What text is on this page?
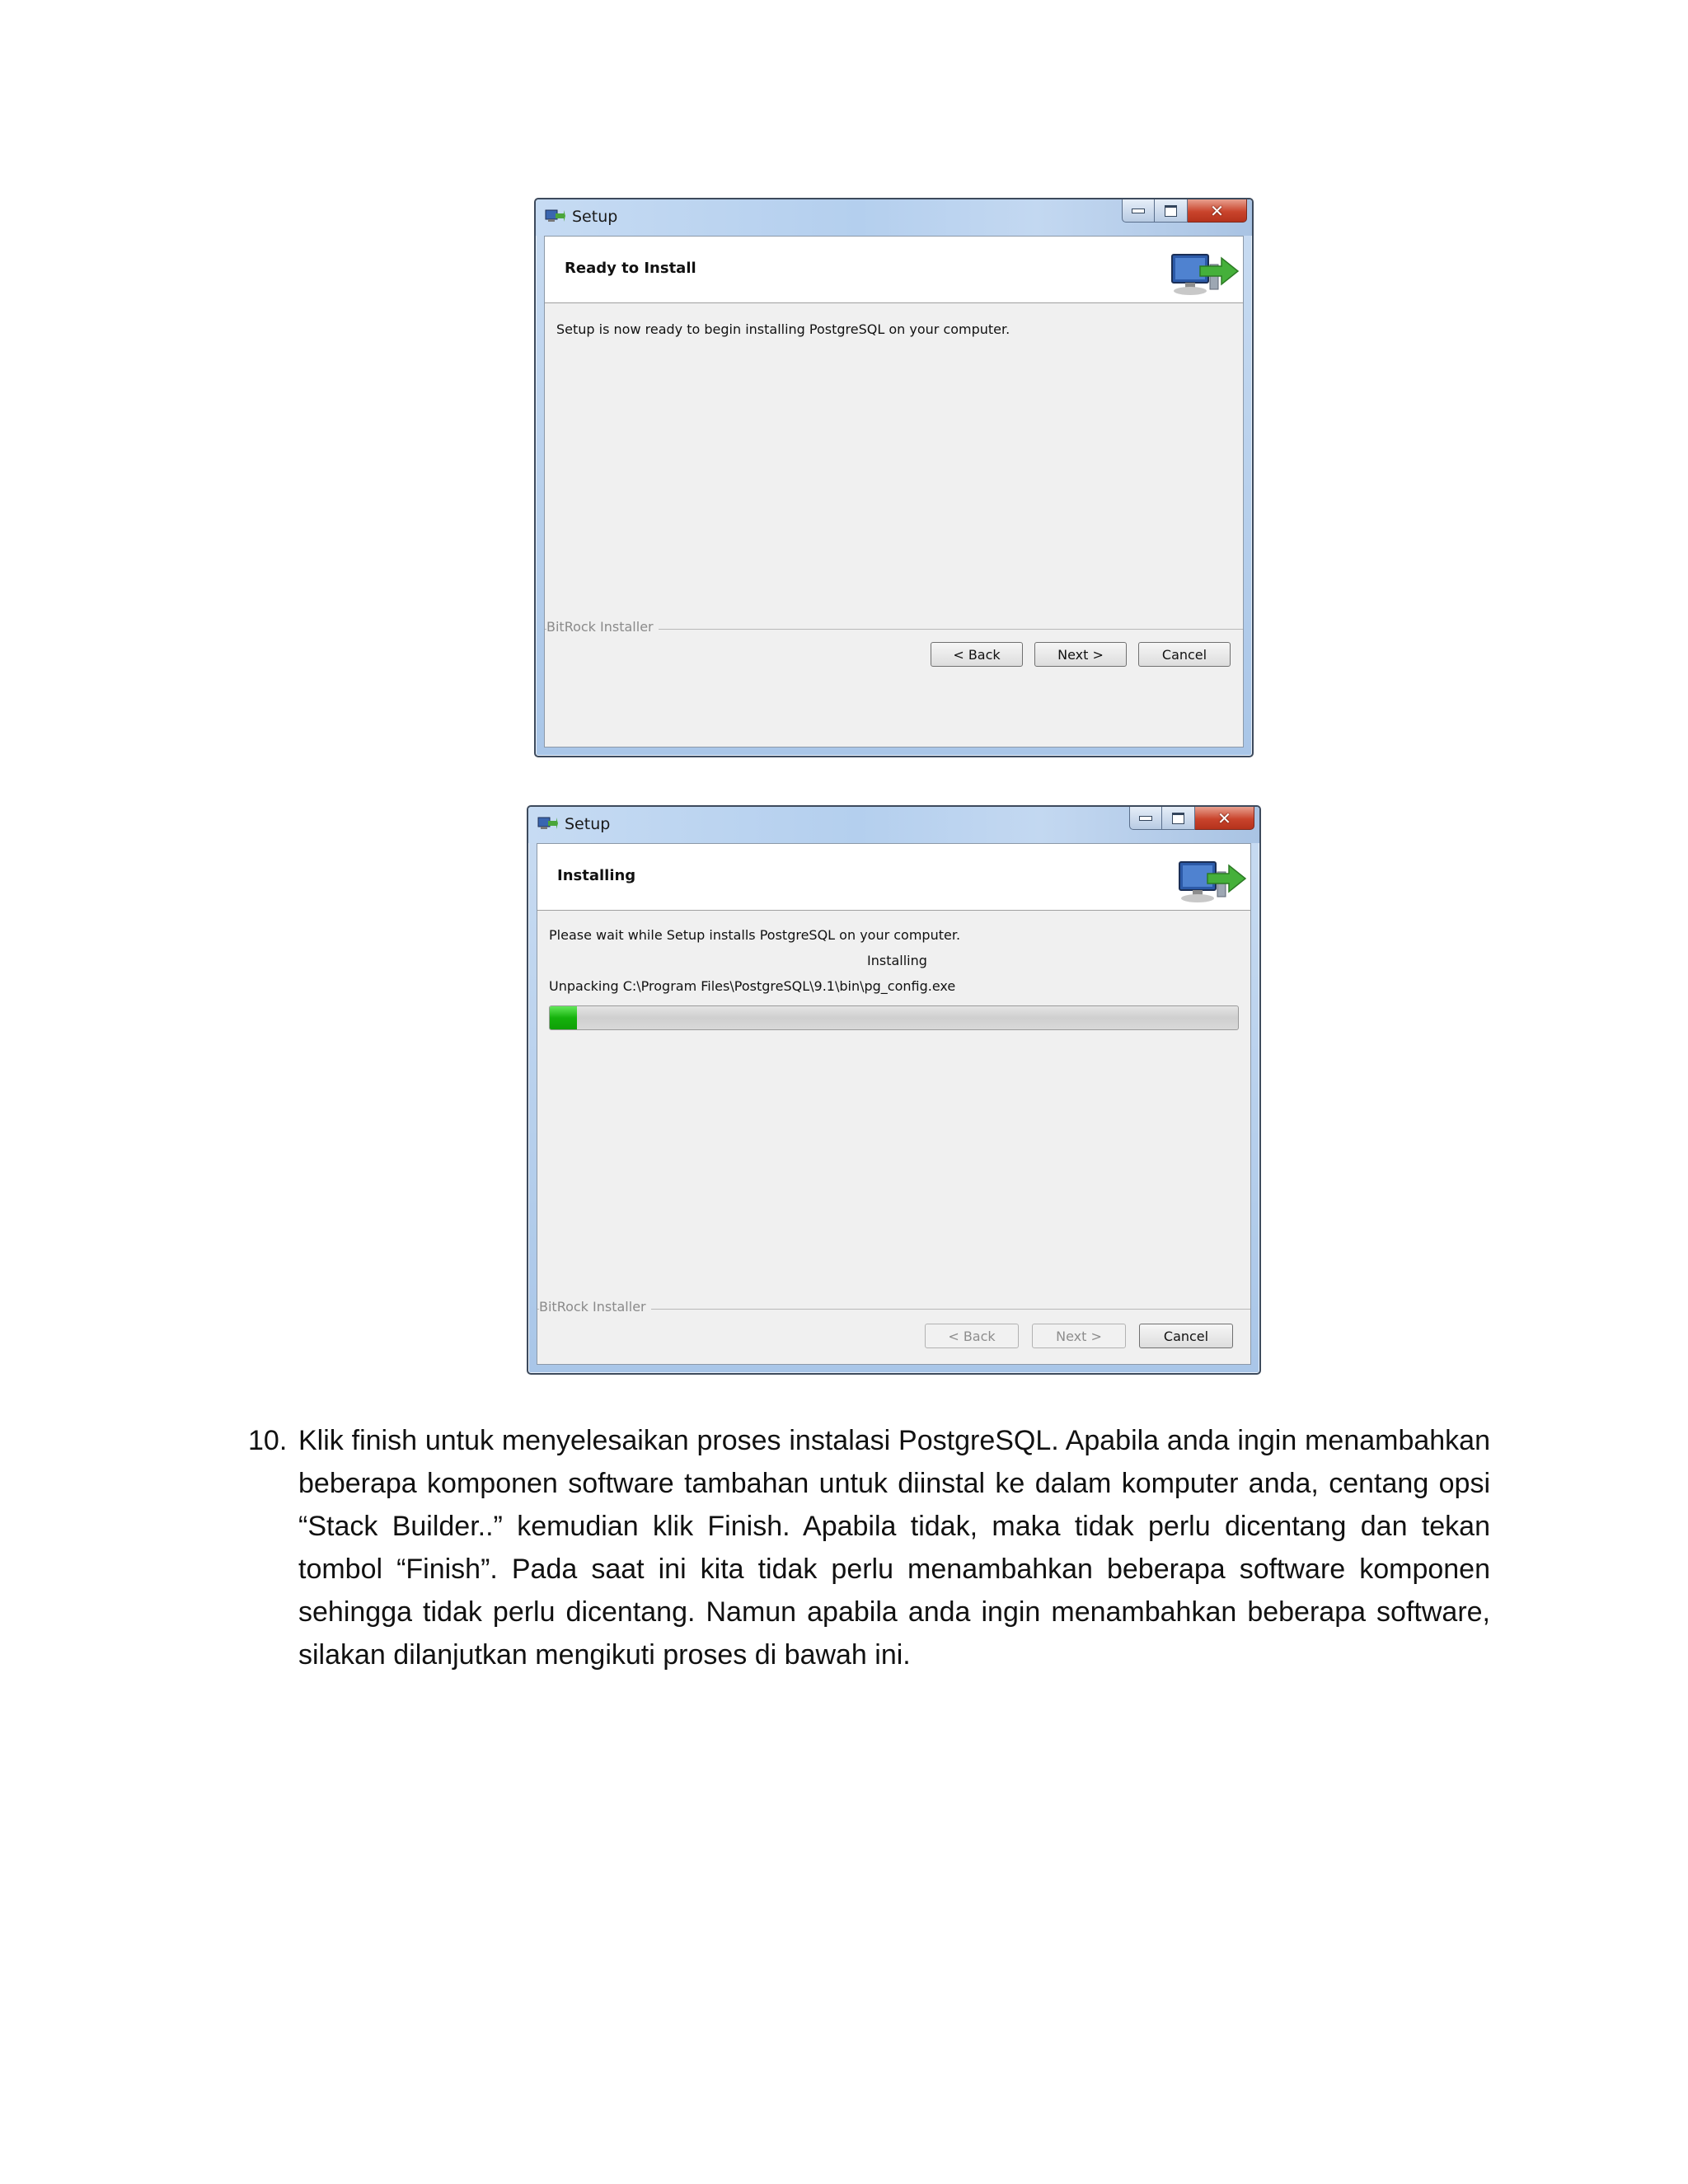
Setup	✕
Ready to Install
Setup is now ready to begin installing PostgreSQL on your computer.
BitRock Installer
< Back	Next >	Cancel
Setup	✕
Installing
Please wait while Setup installs PostgreSQL on your computer.
Installing
Unpacking C:\Program Files\PostgreSQL\9.1\bin\pg_config.exe
BitRock Installer
< Back	Next >	Cancel
10. Klik finish untuk menyelesaikan proses instalasi PostgreSQL. Apabila anda ingin menambahkan beberapa komponen software tambahan untuk diinstal ke dalam komputer anda, centang opsi “Stack Builder..” kemudian klik Finish. Apabila tidak, maka tidak perlu dicentang dan tekan tombol “Finish”. Pada saat ini kita tidak perlu menambahkan beberapa software komponen sehingga tidak perlu dicentang. Namun apabila anda ingin menambahkan beberapa software, silakan dilanjutkan mengikuti proses di bawah ini.
